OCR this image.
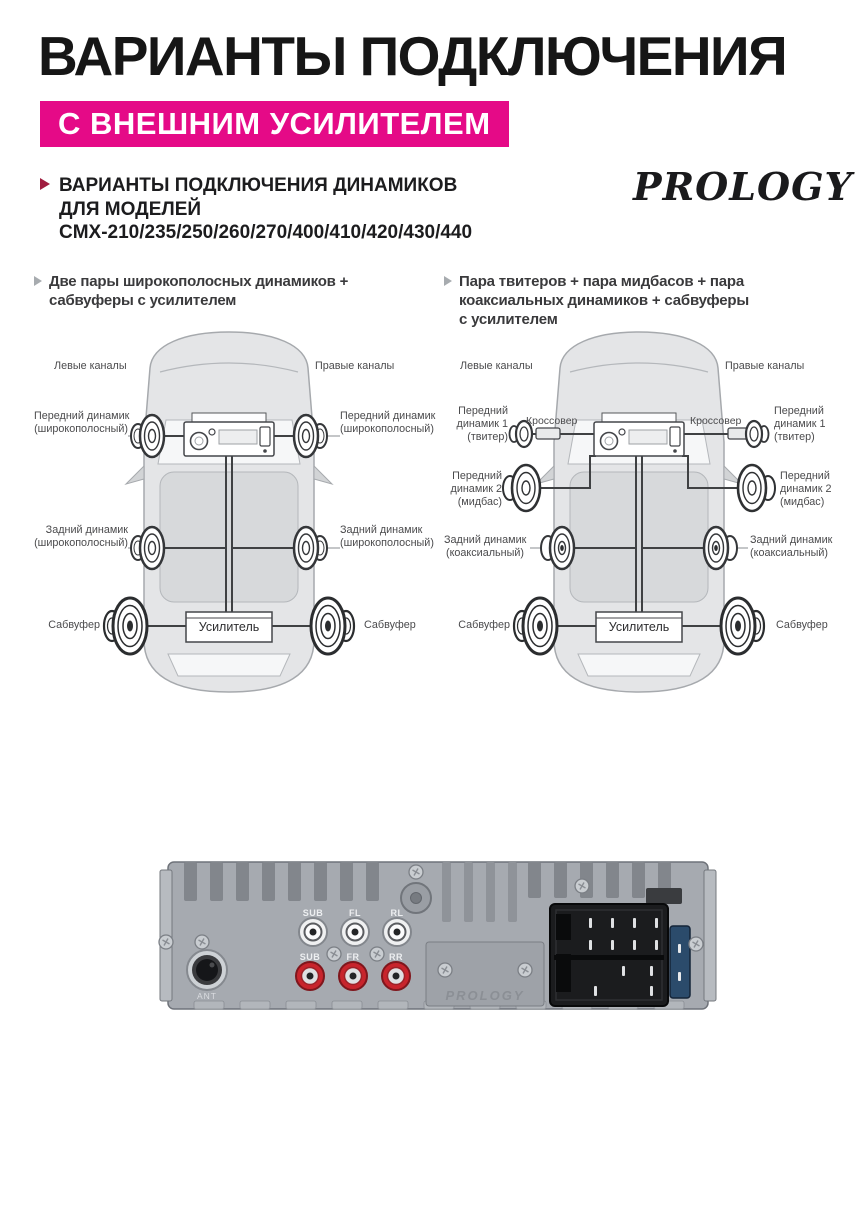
ВАРИАНТЫ ПОДКЛЮЧЕНИЯ
С ВНЕШНИМ УСИЛИТЕЛЕМ
ВАРИАНТЫ ПОДКЛЮЧЕНИЯ ДИНАМИКОВ
ДЛЯ МОДЕЛЕЙ
CMX-210/235/250/260/270/400/410/420/430/440
PROLOGY
Две пары широкополосных динамиков +
сабвуферы с усилителем
Левые каналы	Правые каналы
Передний динамик
(широкополосный)
Передний динамик
(широкополосный)
Задний динамик
(широкополосный)
Задний динамик
(широкополосный)
Сабвуфер	Сабвуфер
Усилитель
Пара твитеров + пара мидбасов + пара
коаксиальных динамиков + сабвуферы
с усилителем
Левые каналы	Правые каналы
Передний
динамик 1
(твитер)
Передний
динамик 1
(твитер)
Кроссовер	Кроссовер
Передний
динамик 2
(мидбас)
Передний
динамик 2
(мидбас)
Задний динамик
(коаксиальный)
Задний динамик
(коаксиальный)
Сабвуфер	Сабвуфер
Усилитель
PROLOGY
ANT
SUB	FL	RL
SUB	FR	RR
